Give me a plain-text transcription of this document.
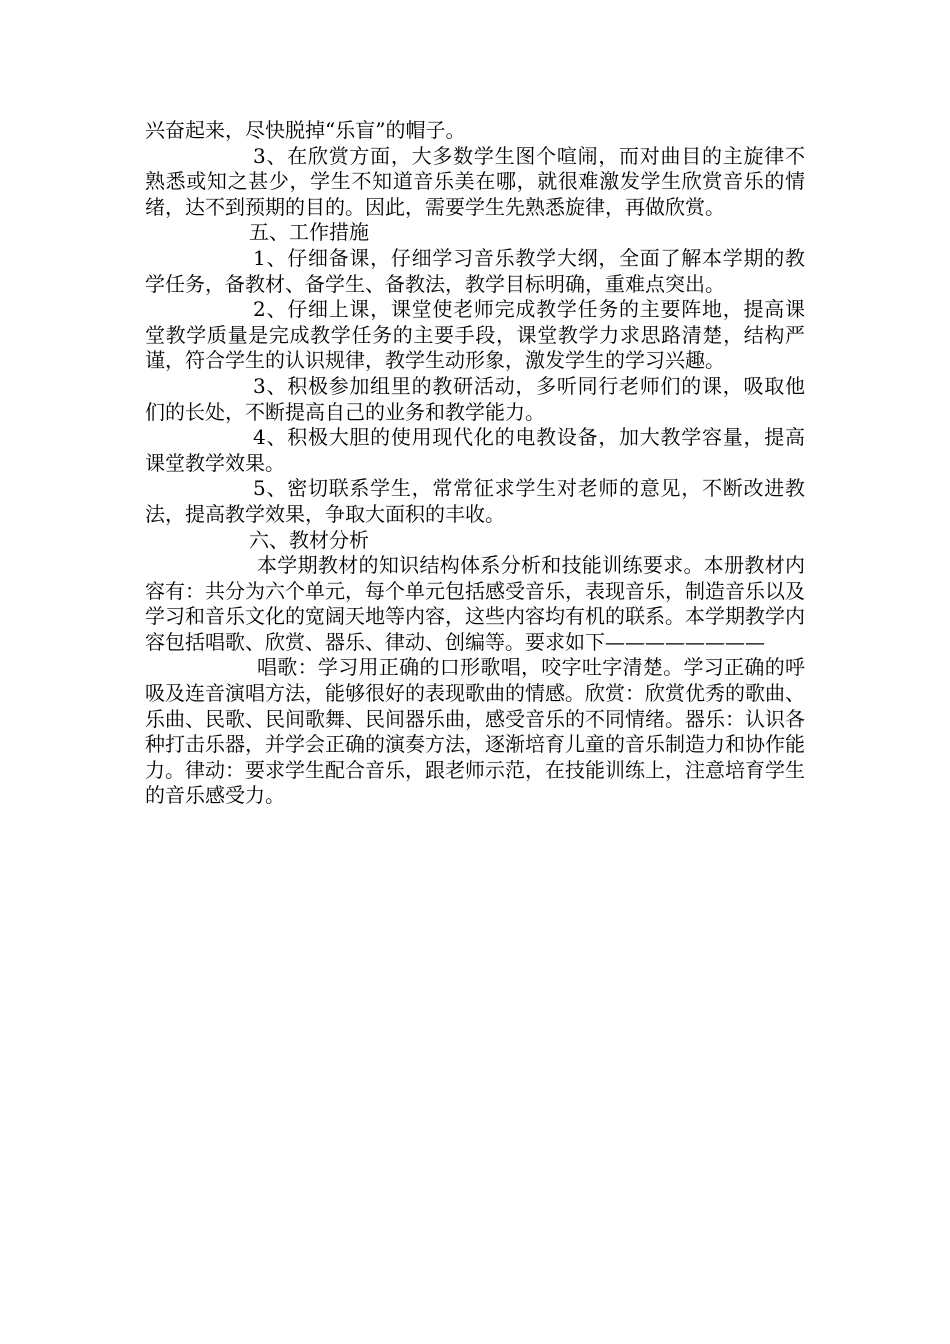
兴奋起来，尽快脱掉“乐盲”的帽子。

3、在欣赏方面，大多数学生图个喧闹，而对曲目的主旋律不熟悉或知之甚少，学生不知道音乐美在哪，就很难激发学生欣赏音乐的情绪，达不到预期的目的。因此，需要学生先熟悉旋律，再做欣赏。

五、工作措施

1、仔细备课，仔细学习音乐教学大纲，全面了解本学期的教学任务，备教材、备学生、备教法，教学目标明确，重难点突出。

2、仔细上课，课堂使老师完成教学任务的主要阵地，提高课堂教学质量是完成教学任务的主要手段，课堂教学力求思路清楚，结构严谨，符合学生的认识规律，教学生动形象，激发学生的学习兴趣。

3、积极参加组里的教研活动，多听同行老师们的课，吸取他们的长处，不断提高自己的业务和教学能力。

4、积极大胆的使用现代化的电教设备，加大教学容量，提高课堂教学效果。

5、密切联系学生，常常征求学生对老师的意见，不断改进教法，提高教学效果，争取大面积的丰收。

六、教材分析

本学期教材的知识结构体系分析和技能训练要求。本册教材内容有：共分为六个单元，每个单元包括感受音乐，表现音乐，制造音乐以及学习和音乐文化的宽阔天地等内容，这些内容均有机的联系。本学期教学内容包括唱歌、欣赏、器乐、律动、创编等。要求如下————————

唱歌：学习用正确的口形歌唱，咬字吐字清楚。学习正确的呼吸及连音演唱方法，能够很好的表现歌曲的情感。欣赏：欣赏优秀的歌曲、乐曲、民歌、民间歌舞、民间器乐曲，感受音乐的不同情绪。器乐：认识各种打击乐器，并学会正确的演奏方法，逐渐培育儿童的音乐制造力和协作能力。律动：要求学生配合音乐，跟老师示范，在技能训练上，注意培育学生的音乐感受力。
